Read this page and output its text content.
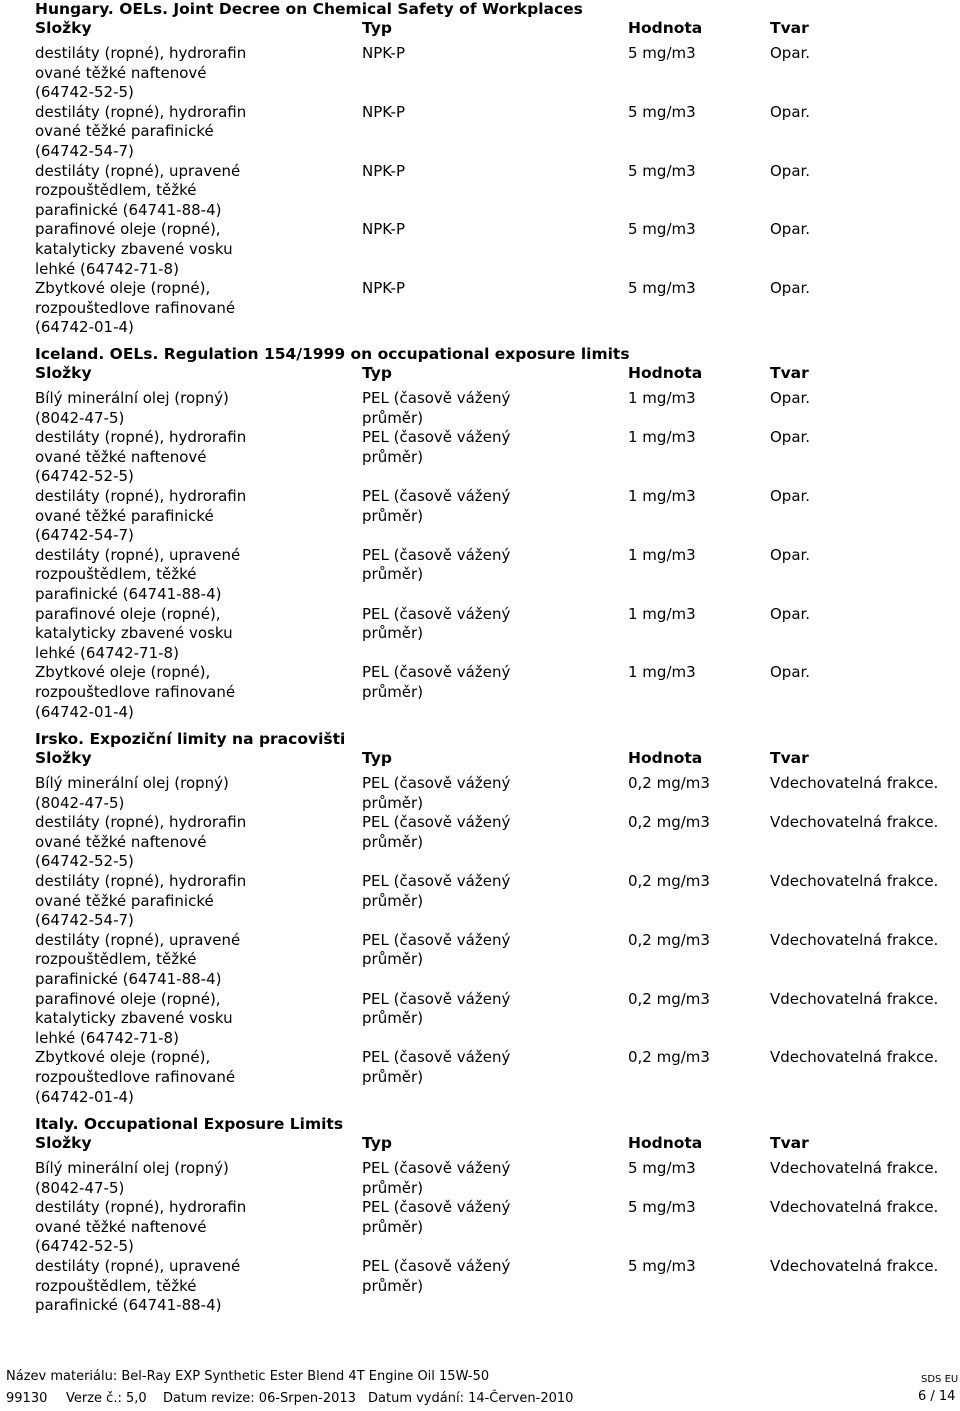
Hungary. OELs. Joint Decree on Chemical Safety of Workplaces
Složky	Typ	Hodnota	Tvar
destiláty (ropné), hydrorafin
ované těžké naftenové
(64742-52-5)
NPK-P	5 mg/m3	Opar.
destiláty (ropné), hydrorafin
ované těžké parafinické
(64742-54-7)
NPK-P	5 mg/m3	Opar.
destiláty (ropné), upravené
rozpouštědlem, těžké
parafinické (64741-88-4)
NPK-P	5 mg/m3	Opar.
parafinové oleje (ropné),
katalyticky zbavené vosku
lehké (64742-71-8)
NPK-P	5 mg/m3	Opar.
Zbytkové oleje (ropné),
rozpouštedlove rafinované
(64742-01-4)
NPK-P	5 mg/m3	Opar.
Iceland. OELs. Regulation 154/1999 on occupational exposure limits
Složky	Typ	Hodnota	Tvar
Bílý minerální olej (ropný)
(8042-47-5)
PEL (časově vážený
průměr)
1 mg/m3	Opar.
destiláty (ropné), hydrorafin
ované těžké naftenové
(64742-52-5)
PEL (časově vážený
průměr)
1 mg/m3	Opar.
destiláty (ropné), hydrorafin
ované těžké parafinické
(64742-54-7)
PEL (časově vážený
průměr)
1 mg/m3	Opar.
destiláty (ropné), upravené
rozpouštědlem, těžké
parafinické (64741-88-4)
PEL (časově vážený
průměr)
1 mg/m3	Opar.
parafinové oleje (ropné),
katalyticky zbavené vosku
lehké (64742-71-8)
PEL (časově vážený
průměr)
1 mg/m3	Opar.
Zbytkové oleje (ropné),
rozpouštedlove rafinované
(64742-01-4)
PEL (časově vážený
průměr)
1 mg/m3	Opar.
Irsko. Expoziční limity na pracovišti
Složky	Typ	Hodnota	Tvar
Bílý minerální olej (ropný)
(8042-47-5)
PEL (časově vážený
průměr)
0,2 mg/m3	Vdechovatelná frakce.
destiláty (ropné), hydrorafin
ované těžké naftenové
(64742-52-5)
PEL (časově vážený
průměr)
0,2 mg/m3	Vdechovatelná frakce.
destiláty (ropné), hydrorafin
ované těžké parafinické
(64742-54-7)
PEL (časově vážený
průměr)
0,2 mg/m3	Vdechovatelná frakce.
destiláty (ropné), upravené
rozpouštědlem, těžké
parafinické (64741-88-4)
PEL (časově vážený
průměr)
0,2 mg/m3	Vdechovatelná frakce.
parafinové oleje (ropné),
katalyticky zbavené vosku
lehké (64742-71-8)
PEL (časově vážený
průměr)
0,2 mg/m3	Vdechovatelná frakce.
Zbytkové oleje (ropné),
rozpouštedlove rafinované
(64742-01-4)
PEL (časově vážený
průměr)
0,2 mg/m3	Vdechovatelná frakce.
Italy. Occupational Exposure Limits
Složky	Typ	Hodnota	Tvar
Bílý minerální olej (ropný)
(8042-47-5)
PEL (časově vážený
průměr)
5 mg/m3	Vdechovatelná frakce.
destiláty (ropné), hydrorafin
ované těžké naftenové
(64742-52-5)
PEL (časově vážený
průměr)
5 mg/m3	Vdechovatelná frakce.
destiláty (ropné), upravené
rozpouštědlem, těžké
parafinické (64741-88-4)
PEL (časově vážený
průměr)
5 mg/m3	Vdechovatelná frakce.
Název materiálu: Bel-Ray EXP Synthetic Ester Blend 4T Engine Oil 15W-50
99130 Verze č.: 5,0 Datum revize: 06-Srpen-2013 Datum vydání: 14-Červen-2010
SDS EU
6 / 14
